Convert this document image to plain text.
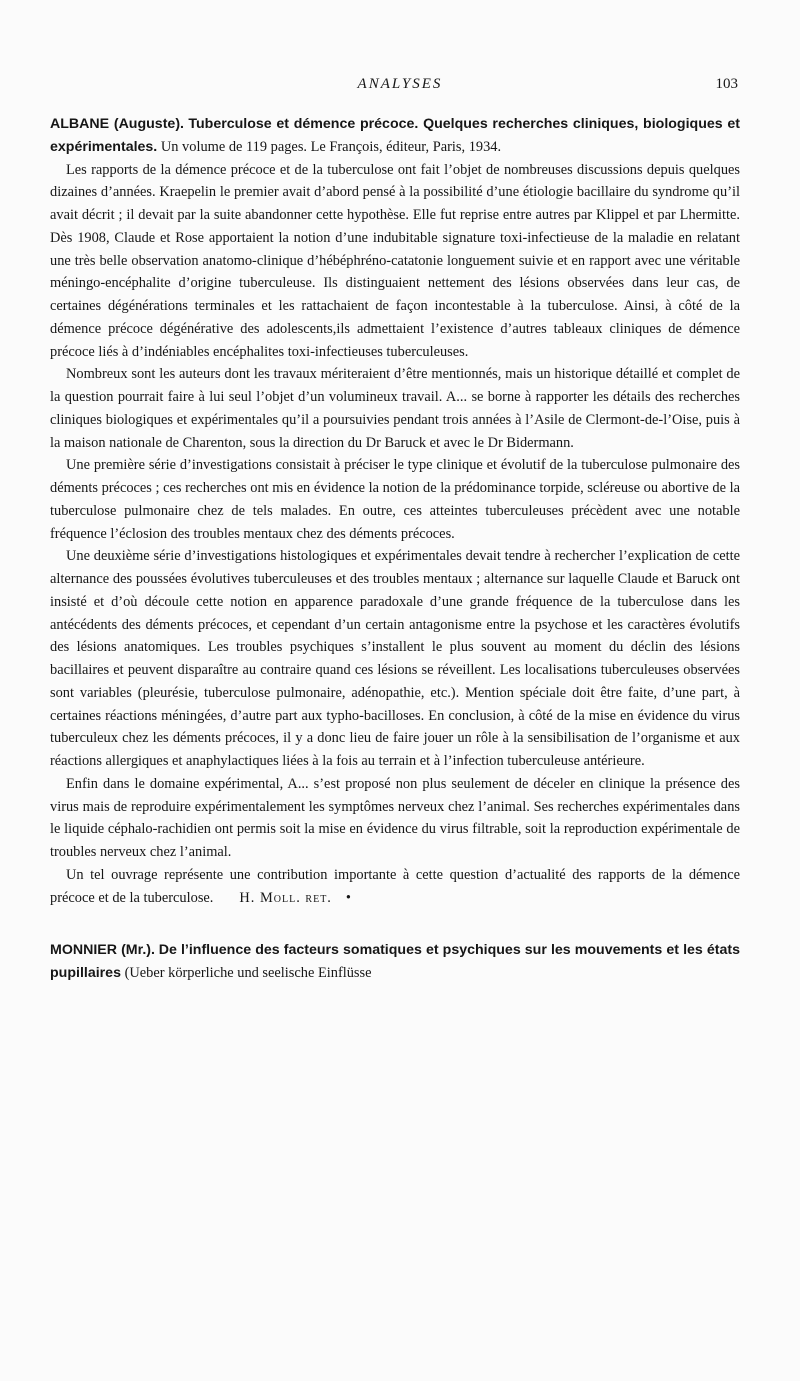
ANALYSES	103

ALBANE (Auguste). Tuberculose et démence précoce. Quelques recherches cliniques, biologiques et expérimentales. Un volume de 119 pages. Le François, éditeur, Paris, 1934.

Les rapports de la démence précoce et de la tuberculose ont fait l’objet de nombreuses discussions depuis quelques dizaines d’années. Kraepelin le premier avait d’abord pensé à la possibilité d’une étiologie bacillaire du syndrome qu’il avait décrit ; il devait par la suite abandonner cette hypothèse. Elle fut reprise entre autres par Klippel et par Lhermitte. Dès 1908, Claude et Rose apportaient la notion d’une indubitable signature toxi-infectieuse de la maladie en relatant une très belle observation anatomo-clinique d’hébéphréno-catatonie longuement suivie et en rapport avec une véritable méningo-encéphalite d’origine tuberculeuse. Ils distinguaient nettement des lésions observées dans leur cas, de certaines dégénérations terminales et les rattachaient de façon incontestable à la tuberculose. Ainsi, à côté de la démence précoce dégénérative des adolescents,ils admettaient l’existence d’autres tableaux cliniques de démence précoce liés à d’indéniables encéphalites toxi-infectieuses tuberculeuses.

Nombreux sont les auteurs dont les travaux mériteraient d’être mentionnés, mais un historique détaillé et complet de la question pourrait faire à lui seul l’objet d’un volumineux travail. A... se borne à rapporter les détails des recherches cliniques biologiques et expérimentales qu’il a poursuivies pendant trois années à l’Asile de Clermont-de-l’Oise, puis à la maison nationale de Charenton, sous la direction du Dr Baruck et avec le Dr Bidermann.

Une première série d’investigations consistait à préciser le type clinique et évolutif de la tuberculose pulmonaire des déments précoces ; ces recherches ont mis en évidence la notion de la prédominance torpide, scléreuse ou abortive de la tuberculose pulmonaire chez de tels malades. En outre, ces atteintes tuberculeuses précèdent avec une notable fréquence l’éclosion des troubles mentaux chez des déments précoces.

Une deuxième série d’investigations histologiques et expérimentales devait tendre à rechercher l’explication de cette alternance des poussées évolutives tuberculeuses et des troubles mentaux ; alternance sur laquelle Claude et Baruck ont insisté et d’où découle cette notion en apparence paradoxale d’une grande fréquence de la tuberculose dans les antécédents des déments précoces, et cependant d’un certain antagonisme entre la psychose et les caractères évolutifs des lésions anatomiques. Les troubles psychiques s’installent le plus souvent au moment du déclin des lésions bacillaires et peuvent disparaître au contraire quand ces lésions se réveillent. Les localisations tuberculeuses observées sont variables (pleurésie, tuberculose pulmonaire, adénopathie, etc.). Mention spéciale doit être faite, d’une part, à certaines réactions méningées, d’autre part aux typho-bacilloses. En conclusion, à côté de la mise en évidence du virus tuberculeux chez les déments précoces, il y a donc lieu de faire jouer un rôle à la sensibilisation de l’organisme et aux réactions allergiques et anaphylactiques liées à la fois au terrain et à l’infection tuberculeuse antérieure.

Enfin dans le domaine expérimental, A... s’est proposé non plus seulement de déceler en clinique la présence des virus mais de reproduire expérimentalement les symptômes nerveux chez l’animal. Ses recherches expérimentales dans le liquide céphalo-rachidien ont permis soit la mise en évidence du virus filtrable, soit la reproduction expérimentale de troubles nerveux chez l’animal.

Un tel ouvrage représente une contribution importante à cette question d’actualité des rapports de la démence précoce et de la tuberculose. H. Moll. ret. •

MONNIER (Mr.). De l’influence des facteurs somatiques et psychiques sur les mouvements et les états pupillaires (Ueber körperliche und seelische Einflüsse
